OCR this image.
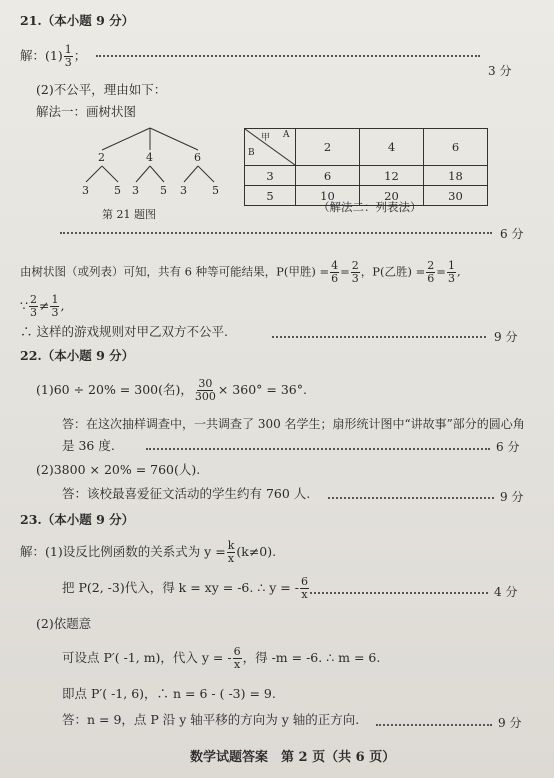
21.（本小题 9 分）
解：$(1) \frac{1}{3}$ ；
3 分
(2)不公平，理由如下：
解法一：画树状图
2	4	6
3 5 3 5 3 5
第 21 题图
甲 A
B	2	4	6
3	6	12	18
5	10	20	30
（解法二：列表法）
6 分
由树状图（或列表）可知，共有 6 种等可能结果，P(甲胜) = $\frac{4}{6} = \frac{2}{3}$ ，P(乙胜) = $\frac{2}{6} = \frac{1}{3}$ ,
∵ $\frac{2}{3} \ne \frac{1}{3}$ ,
∴ 这样的游戏规则对甲乙双方不公平.	9 分
22.（本小题 9 分）
(1)60 ÷ 20% = 300(名)， $\frac{30}{300} \times 360^\circ = 36^\circ$.
答：在这次抽样调查中，一共调查了 300 名学生；扇形统计图中“讲故事”部分的圆心角
是 36 度.	6 分
(2)3800 × 20% = 760(人).
答：该校最喜爱征文活动的学生约有 760 人.	9 分
23.（本小题 9 分）
解：(1)设反比例函数的关系式为 $y = \frac{k}{x} (k\ne 0)$.
把 P(2, -3)代入，得 k = xy = -6. ∴ y = - $\frac{6}{x}$	4 分
(2)依题意
可设点 P′( -1, m)，代入 y = - $\frac{6}{x}$ ，得 -m = -6. ∴ m = 6.
即点 P′( -1, 6)，∴ n = 6 - ( -3) = 9.
答：n = 9，点 P 沿 y 轴平移的方向为 y 轴的正方向.	9 分
数学试题答案　第 2 页（共 6 页）
